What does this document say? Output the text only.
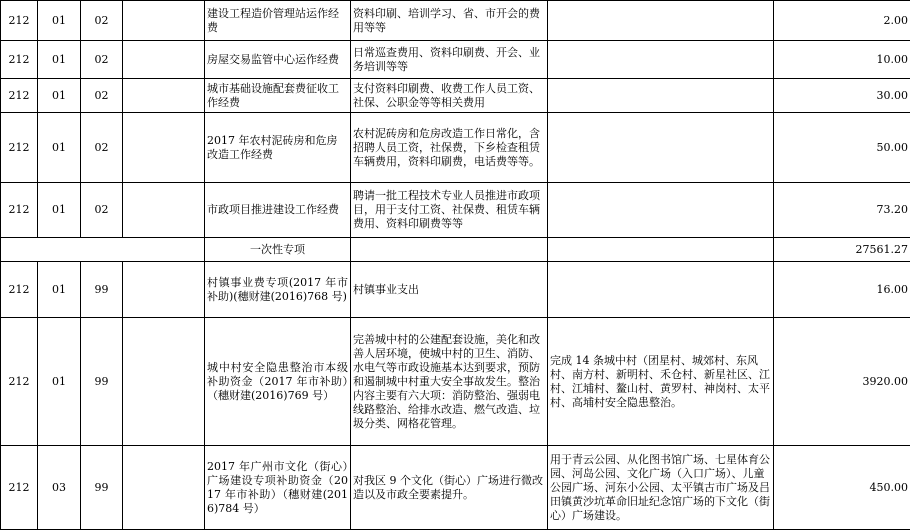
212	01	02		建设工程造价管理站运作经费	资料印刷、培训学习、省、市开会的费用等等		2.00
212	01	02		房屋交易监管中心运作经费	日常巡查费用、资料印刷费、开会、业务培训等等		10.00
212	01	02		城市基础设施配套费征收工作经费	支付资料印刷费、收费工作人员工资、社保、公职金等等相关费用		30.00
212	01	02		2017 年农村泥砖房和危房改造工作经费	农村泥砖房和危房改造工作日常化，含招聘人员工资，社保费，下乡检查租赁车辆费用，资料印刷费，电话费等等。		50.00
212	01	02		市政项目推进建设工作经费	聘请一批工程技术专业人员推进市政项目，用于支付工资、社保费、租赁车辆费用、资料印刷费等等		73.20
				一次性专项			27561.27
212	01	99		村镇事业费专项(2017 年市补助)(穗财建(2016)768 号)	村镇事业支出		16.00
212	01	99		城中村安全隐患整治市本级补助资金（2017 年市补助）（穗财建(2016)769 号）	完善城中村的公建配套设施，美化和改善人居环境，使城中村的卫生、消防、水电气等市政设施基本达到要求，预防和遏制城中村重大安全事故发生。整治内容主要有六大项：消防整治、强弱电线路整治、给排水改造、燃气改造、垃圾分类、网格花管理。	完成 14 条城中村（团星村、城郊村、东风村、南方村、新明村、禾仓村、新星社区、江村、江埔村、鳌山村、黄罗村、神岗村、太平村、高埔村安全隐患整治。	3920.00
212	03	99		2017 年广州市文化（街心）广场建设专项补助资金（2017 年市补助）（穗财建(2016)784 号）	对我区 9 个文化（街心）广场进行微改造以及市政全要素提升。	用于青云公园、从化图书馆广场、七星体育公园、河岛公园、文化广场（入口广场）、儿童公园广场、河东小公园、太平镇古市广场及吕田镇黄沙坑革命旧址纪念馆广场的下文化（街心）广场建设。	450.00
